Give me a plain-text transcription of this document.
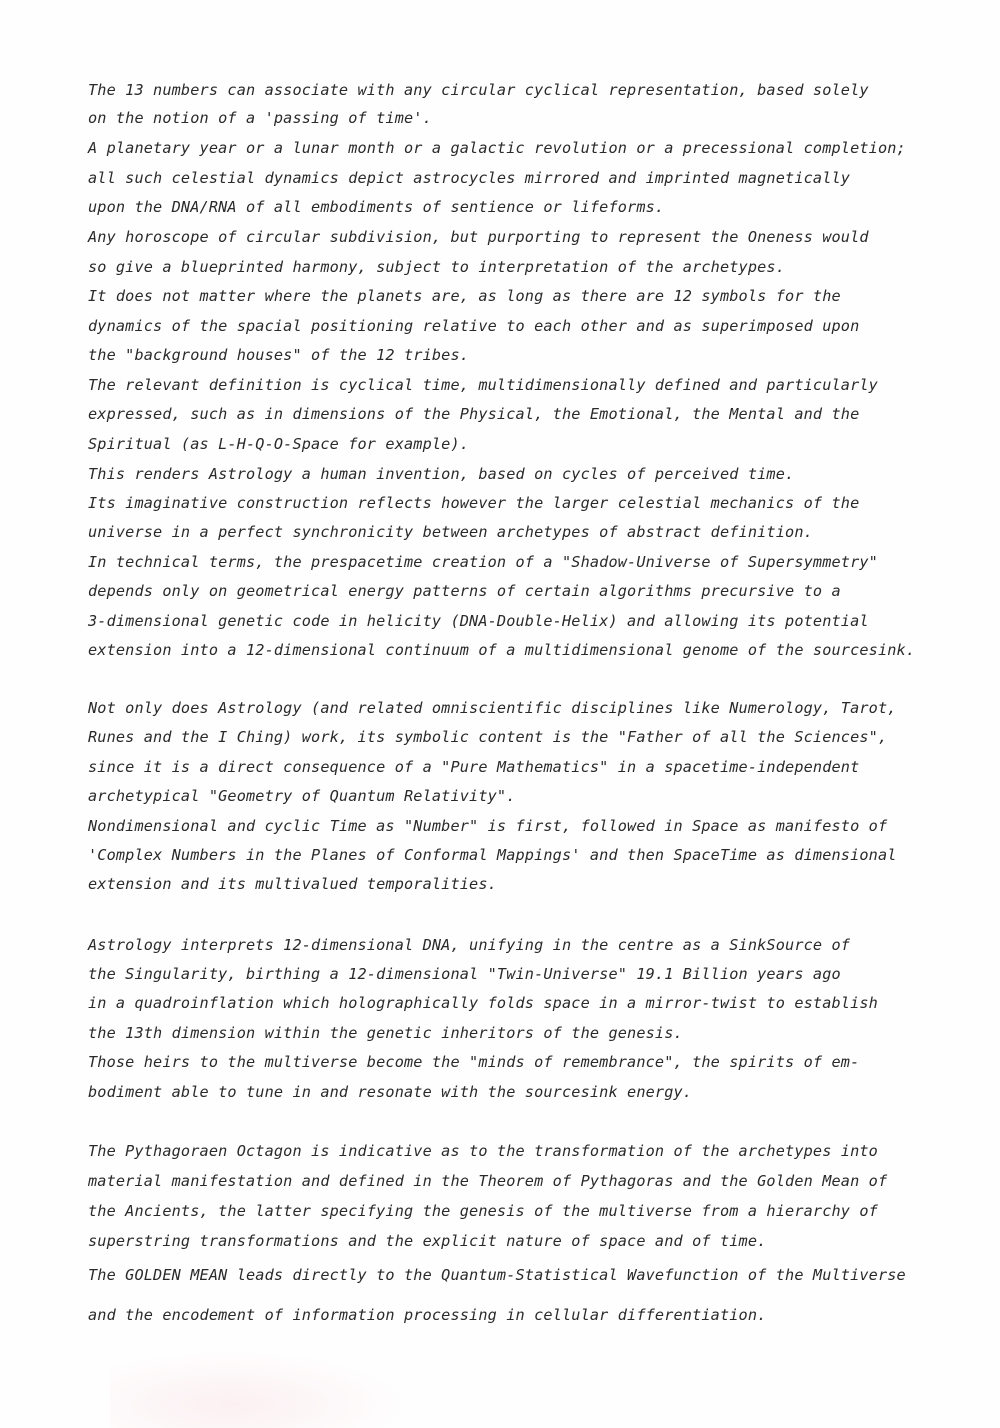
The 13 numbers can associate with any circular cyclical representation, based solely
on the notion of a 'passing of time'.
A planetary year or a lunar month or a galactic revolution or a precessional completion;
all such celestial dynamics depict astrocycles mirrored and imprinted magnetically
upon the DNA/RNA of all embodiments of sentience or lifeforms.
Any horoscope of circular subdivision, but purporting to represent the Oneness would
so give a blueprinted harmony, subject to interpretation of the archetypes.
It does not matter where the planets are, as long as there are 12 symbols for the
dynamics of the spacial positioning relative to each other and as superimposed upon
the "background houses" of the 12 tribes.
The relevant definition is cyclical time, multidimensionally defined and particularly
expressed, such as in dimensions of the Physical, the Emotional, the Mental and the
Spiritual (as L-H-Q-O-Space for example).
This renders Astrology a human invention, based on cycles of perceived time.
Its imaginative construction reflects however the larger celestial mechanics of the
universe in a perfect synchronicity between archetypes of abstract definition.
In technical terms, the prespacetime creation of a "Shadow-Universe of Supersymmetry"
depends only on geometrical energy patterns of certain algorithms precursive to a
3-dimensional genetic code in helicity (DNA-Double-Helix) and allowing its potential
extension into a 12-dimensional continuum of a multidimensional genome of the sourcesink.
Not only does Astrology (and related omniscientific disciplines like Numerology, Tarot,
Runes and the I Ching) work, its symbolic content is the "Father of all the Sciences",
since it is a direct consequence of a "Pure Mathematics" in a spacetime-independent
archetypical "Geometry of Quantum Relativity".
Nondimensional and cyclic Time as "Number" is first, followed in Space as manifesto of
'Complex Numbers in the Planes of Conformal Mappings' and then SpaceTime as dimensional
extension and its multivalued temporalities.
Astrology interprets 12-dimensional DNA, unifying in the centre as a SinkSource of
the Singularity, birthing a 12-dimensional "Twin-Universe" 19.1 Billion years ago
in a quadroinflation which holographically folds space in a mirror-twist to establish
the 13th dimension within the genetic inheritors of the genesis.
Those heirs to the multiverse become the "minds of remembrance", the spirits of em-
bodiment able to tune in and resonate with the sourcesink energy.
The Pythagoraen Octagon is indicative as to the transformation of the archetypes into
material manifestation and defined in the Theorem of Pythagoras and the Golden Mean of
the Ancients, the latter specifying the genesis of the multiverse from a hierarchy of
superstring transformations and the explicit nature of space and of time.
The GOLDEN MEAN leads directly to the Quantum-Statistical Wavefunction of the Multiverse
and the encodement of information processing in cellular differentiation.
